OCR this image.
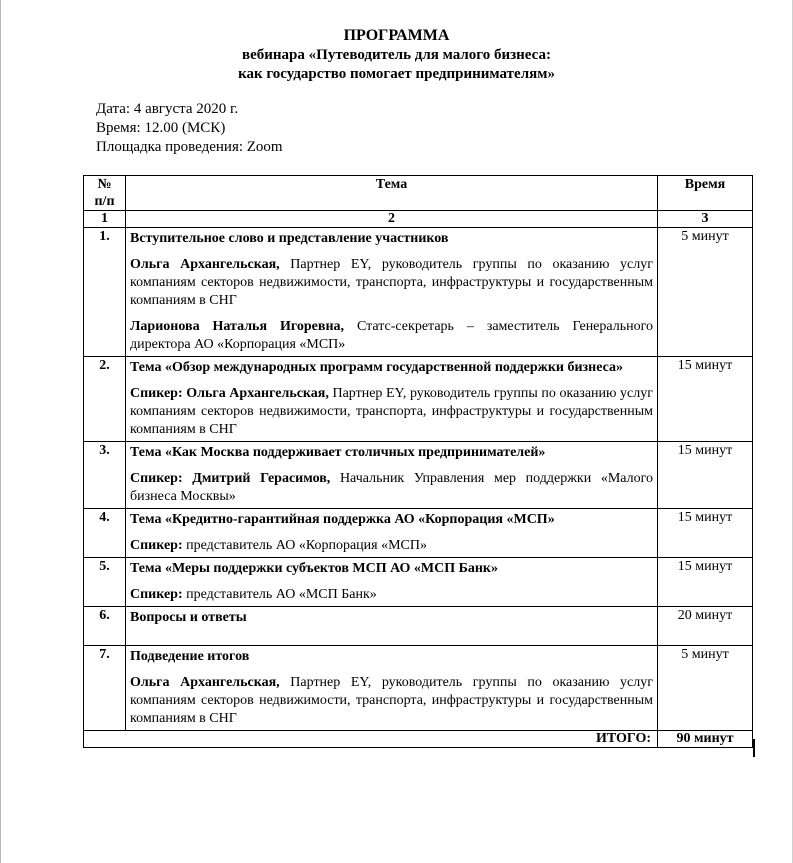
ПРОГРАММА
вебинара «Путеводитель для малого бизнеса:
как государство помогает предпринимателям»
Дата: 4 августа 2020 г.
Время: 12.00 (МСК)
Площадка проведения: Zoom
№
п/п	Тема	Время
1	2	3
1.	Вступительное слово и представление участников
Ольга Архангельская, Партнер EY, руководитель группы по оказанию услуг компаниям секторов недвижимости, транспорта, инфраструктуры и государственным компаниям в СНГ
Ларионова Наталья Игоревна, Статс-секретарь – заместитель Генерального директора АО «Корпорация «МСП»	5 минут
2.	Тема «Обзор международных программ государственной поддержки бизнеса»
Спикер: Ольга Архангельская, Партнер EY, руководитель группы по оказанию услуг компаниям секторов недвижимости, транспорта, инфраструктуры и государственным компаниям в СНГ	15 минут
3.	Тема «Как Москва поддерживает столичных предпринимателей»
Спикер: Дмитрий Герасимов, Начальник Управления мер поддержки «Малого бизнеса Москвы»	15 минут
4.	Тема «Кредитно-гарантийная поддержка АО «Корпорация «МСП»
Спикер: представитель АО «Корпорация «МСП»	15 минут
5.	Тема «Меры поддержки субъектов МСП АО «МСП Банк»
Спикер: представитель АО «МСП Банк»	15 минут
6.	Вопросы и ответы	20 минут
7.	Подведение итогов
Ольга Архангельская, Партнер EY, руководитель группы по оказанию услуг компаниям секторов недвижимости, транспорта, инфраструктуры и государственным компаниям в СНГ	5 минут
ИТОГО:		90 минут
